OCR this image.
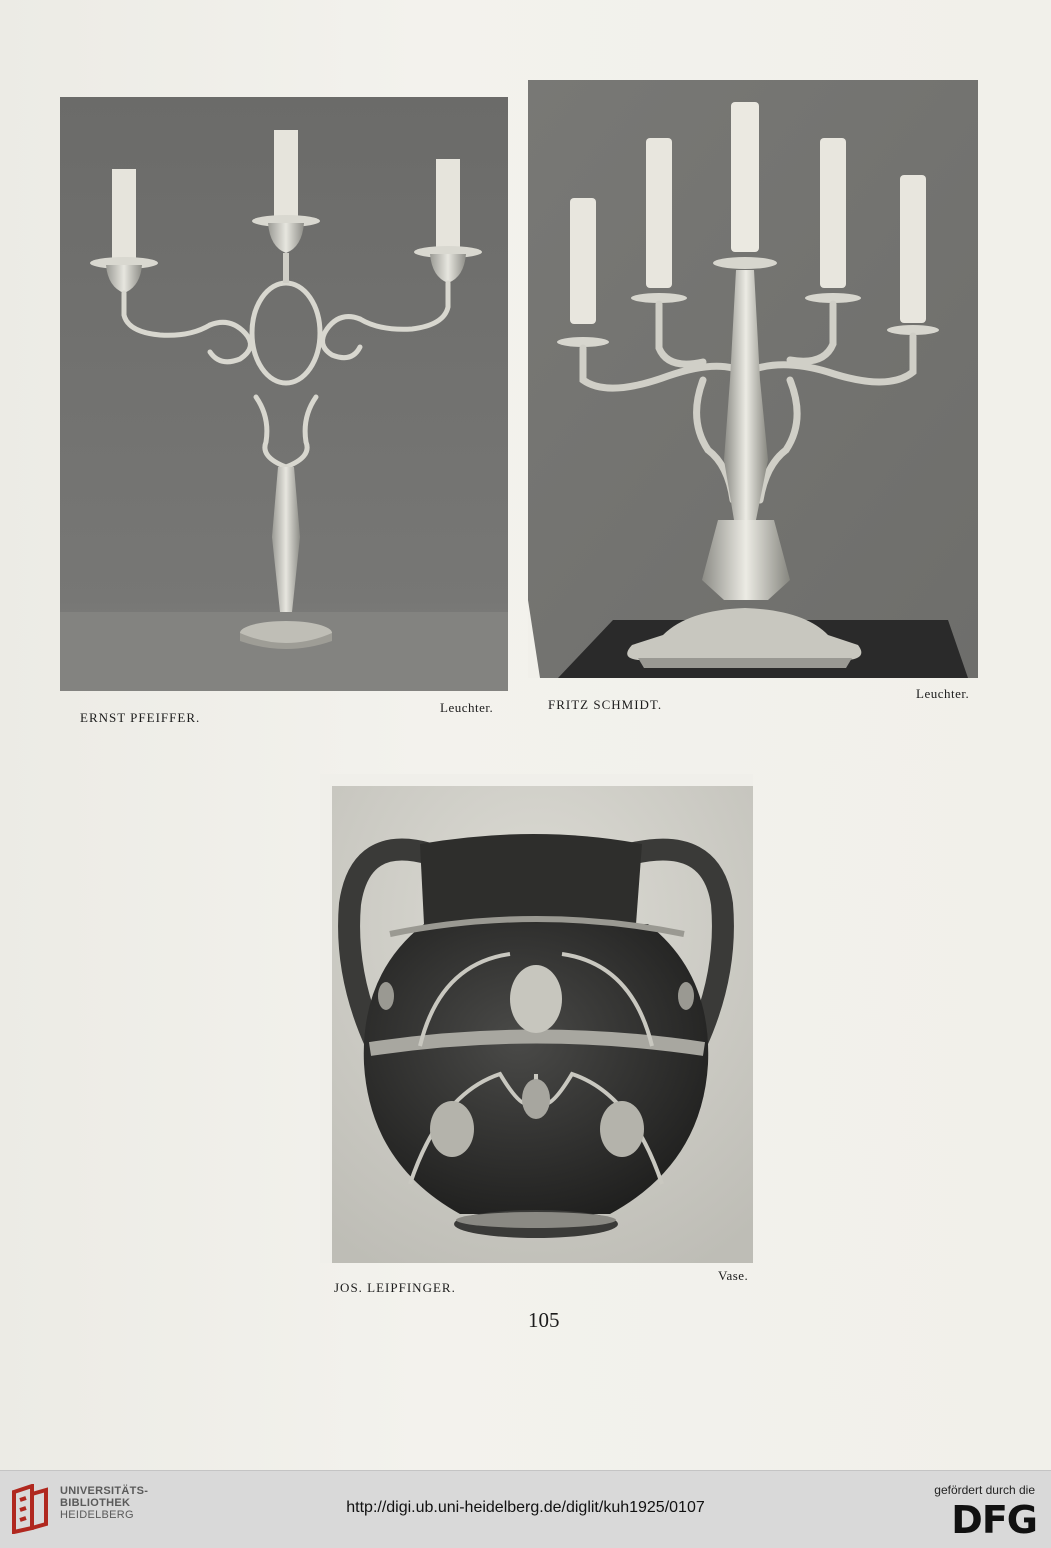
ERNST PFEIFFER.
Leuchter.	FRITZ SCHMIDT.
Leuchter.
JOS. LEIPFINGER.
Vase.
105
UNIVERSITÄTS-
BIBLIOTHEK
HEIDELBERG	http://digi.ub.uni-heidelberg.de/diglit/kuh1925/0107
gefördert durch die
DFG
